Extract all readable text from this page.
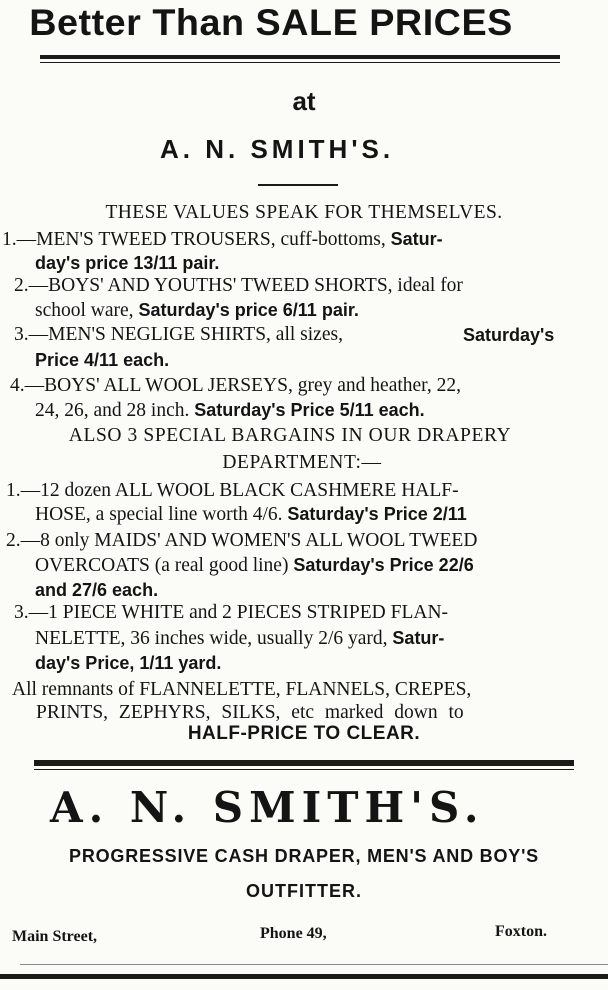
Better Than SALE PRICES
at
A. N. SMITH'S.
THESE VALUES SPEAK FOR THEMSELVES.
1.—MEN'S TWEED TROUSERS, cuff-bottoms, Satur-
day's price 13/11 pair.
2.—BOYS' AND YOUTHS' TWEED SHORTS, ideal for
school ware, Saturday's price 6/11 pair.
3.—MEN'S NEGLIGE SHIRTS, all sizes,	Saturday's
Price 4/11 each.
4.—BOYS' ALL WOOL JERSEYS, grey and heather, 22,
24, 26, and 28 inch. Saturday's Price 5/11 each.
ALSO 3 SPECIAL BARGAINS IN OUR DRAPERY
DEPARTMENT:—
1.—12 dozen ALL WOOL BLACK CASHMERE HALF-
HOSE, a special line worth 4/6. Saturday's Price 2/11
2.—8 only MAIDS' AND WOMEN'S ALL WOOL TWEED
OVERCOATS (a real good line) Saturday's Price 22/6
and 27/6 each.
3.—1 PIECE WHITE and 2 PIECES STRIPED FLAN-
NELETTE, 36 inches wide, usually 2/6 yard, Satur-
day's Price, 1/11 yard.
All remnants of FLANNELETTE, FLANNELS, CREPES,
PRINTS, ZEPHYRS, SILKS, etc marked down to
HALF-PRICE TO CLEAR.
A. N. SMITH'S.
PROGRESSIVE CASH DRAPER, MEN'S AND BOY'S
OUTFITTER.
Main Street,	Phone 49,	Foxton.
